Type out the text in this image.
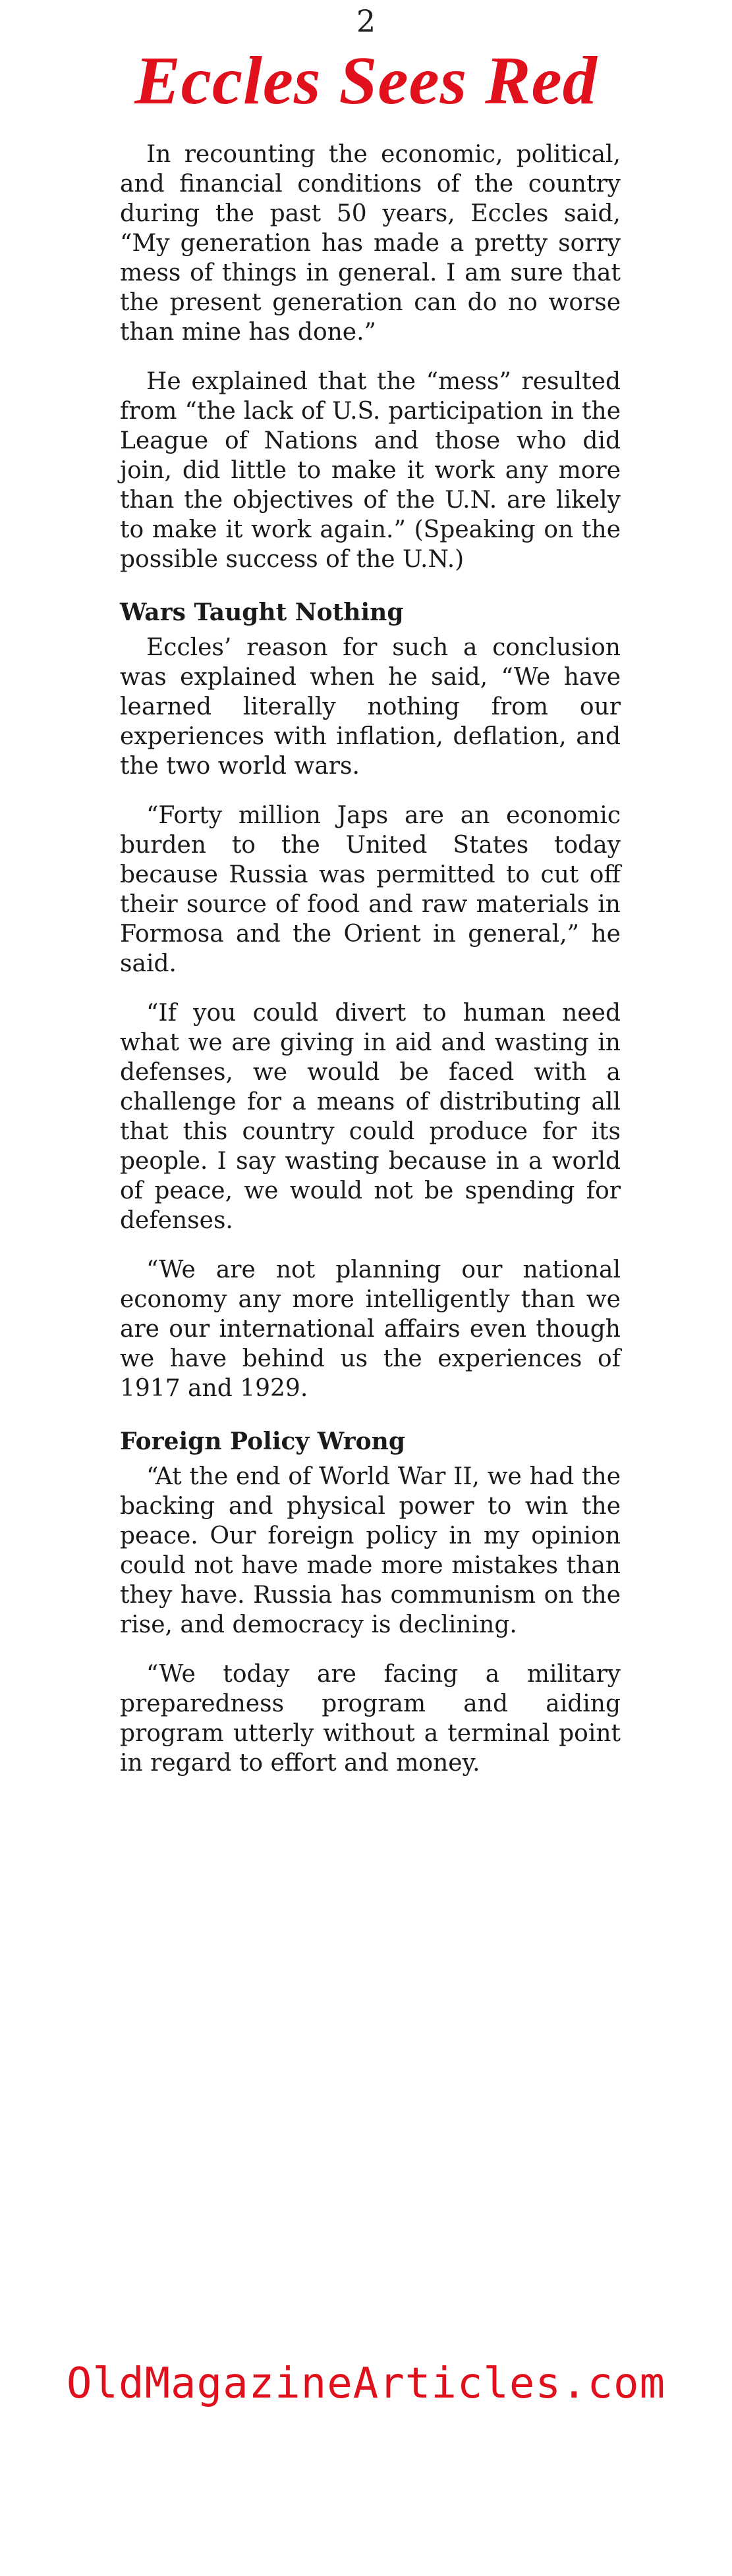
2
Eccles Sees Red

In recounting the economic, political, and financial conditions of the country during the past 50 years, Eccles said, “My generation has made a pretty sorry mess of things in general. I am sure that the present generation can do no worse than mine has done.”

He explained that the “mess” resulted from “the lack of U.S. participation in the League of Nations and those who did join, did little to make it work any more than the objectives of the U.N. are likely to make it work again.” (Speaking on the possible success of the U.N.)

Wars Taught Nothing

Eccles’ reason for such a conclusion was explained when he said, “We have learned literally nothing from our experiences with inflation, deflation, and the two world wars.

“Forty million Japs are an economic burden to the United States today because Russia was permitted to cut off their source of food and raw materials in Formosa and the Orient in general,” he said.

“If you could divert to human need what we are giving in aid and wasting in defenses, we would be faced with a challenge for a means of distributing all that this country could produce for its people. I say wasting because in a world of peace, we would not be spending for defenses.

“We are not planning our national economy any more intelligently than we are our international affairs even though we have behind us the experiences of 1917 and 1929.

Foreign Policy Wrong

“At the end of World War II, we had the backing and physical power to win the peace. Our foreign policy in my opinion could not have made more mistakes than they have. Russia has communism on the rise, and democracy is declining.

“We today are facing a military preparedness program and aiding program utterly without a terminal point in regard to effort and money.

OldMagazineArticles.com
